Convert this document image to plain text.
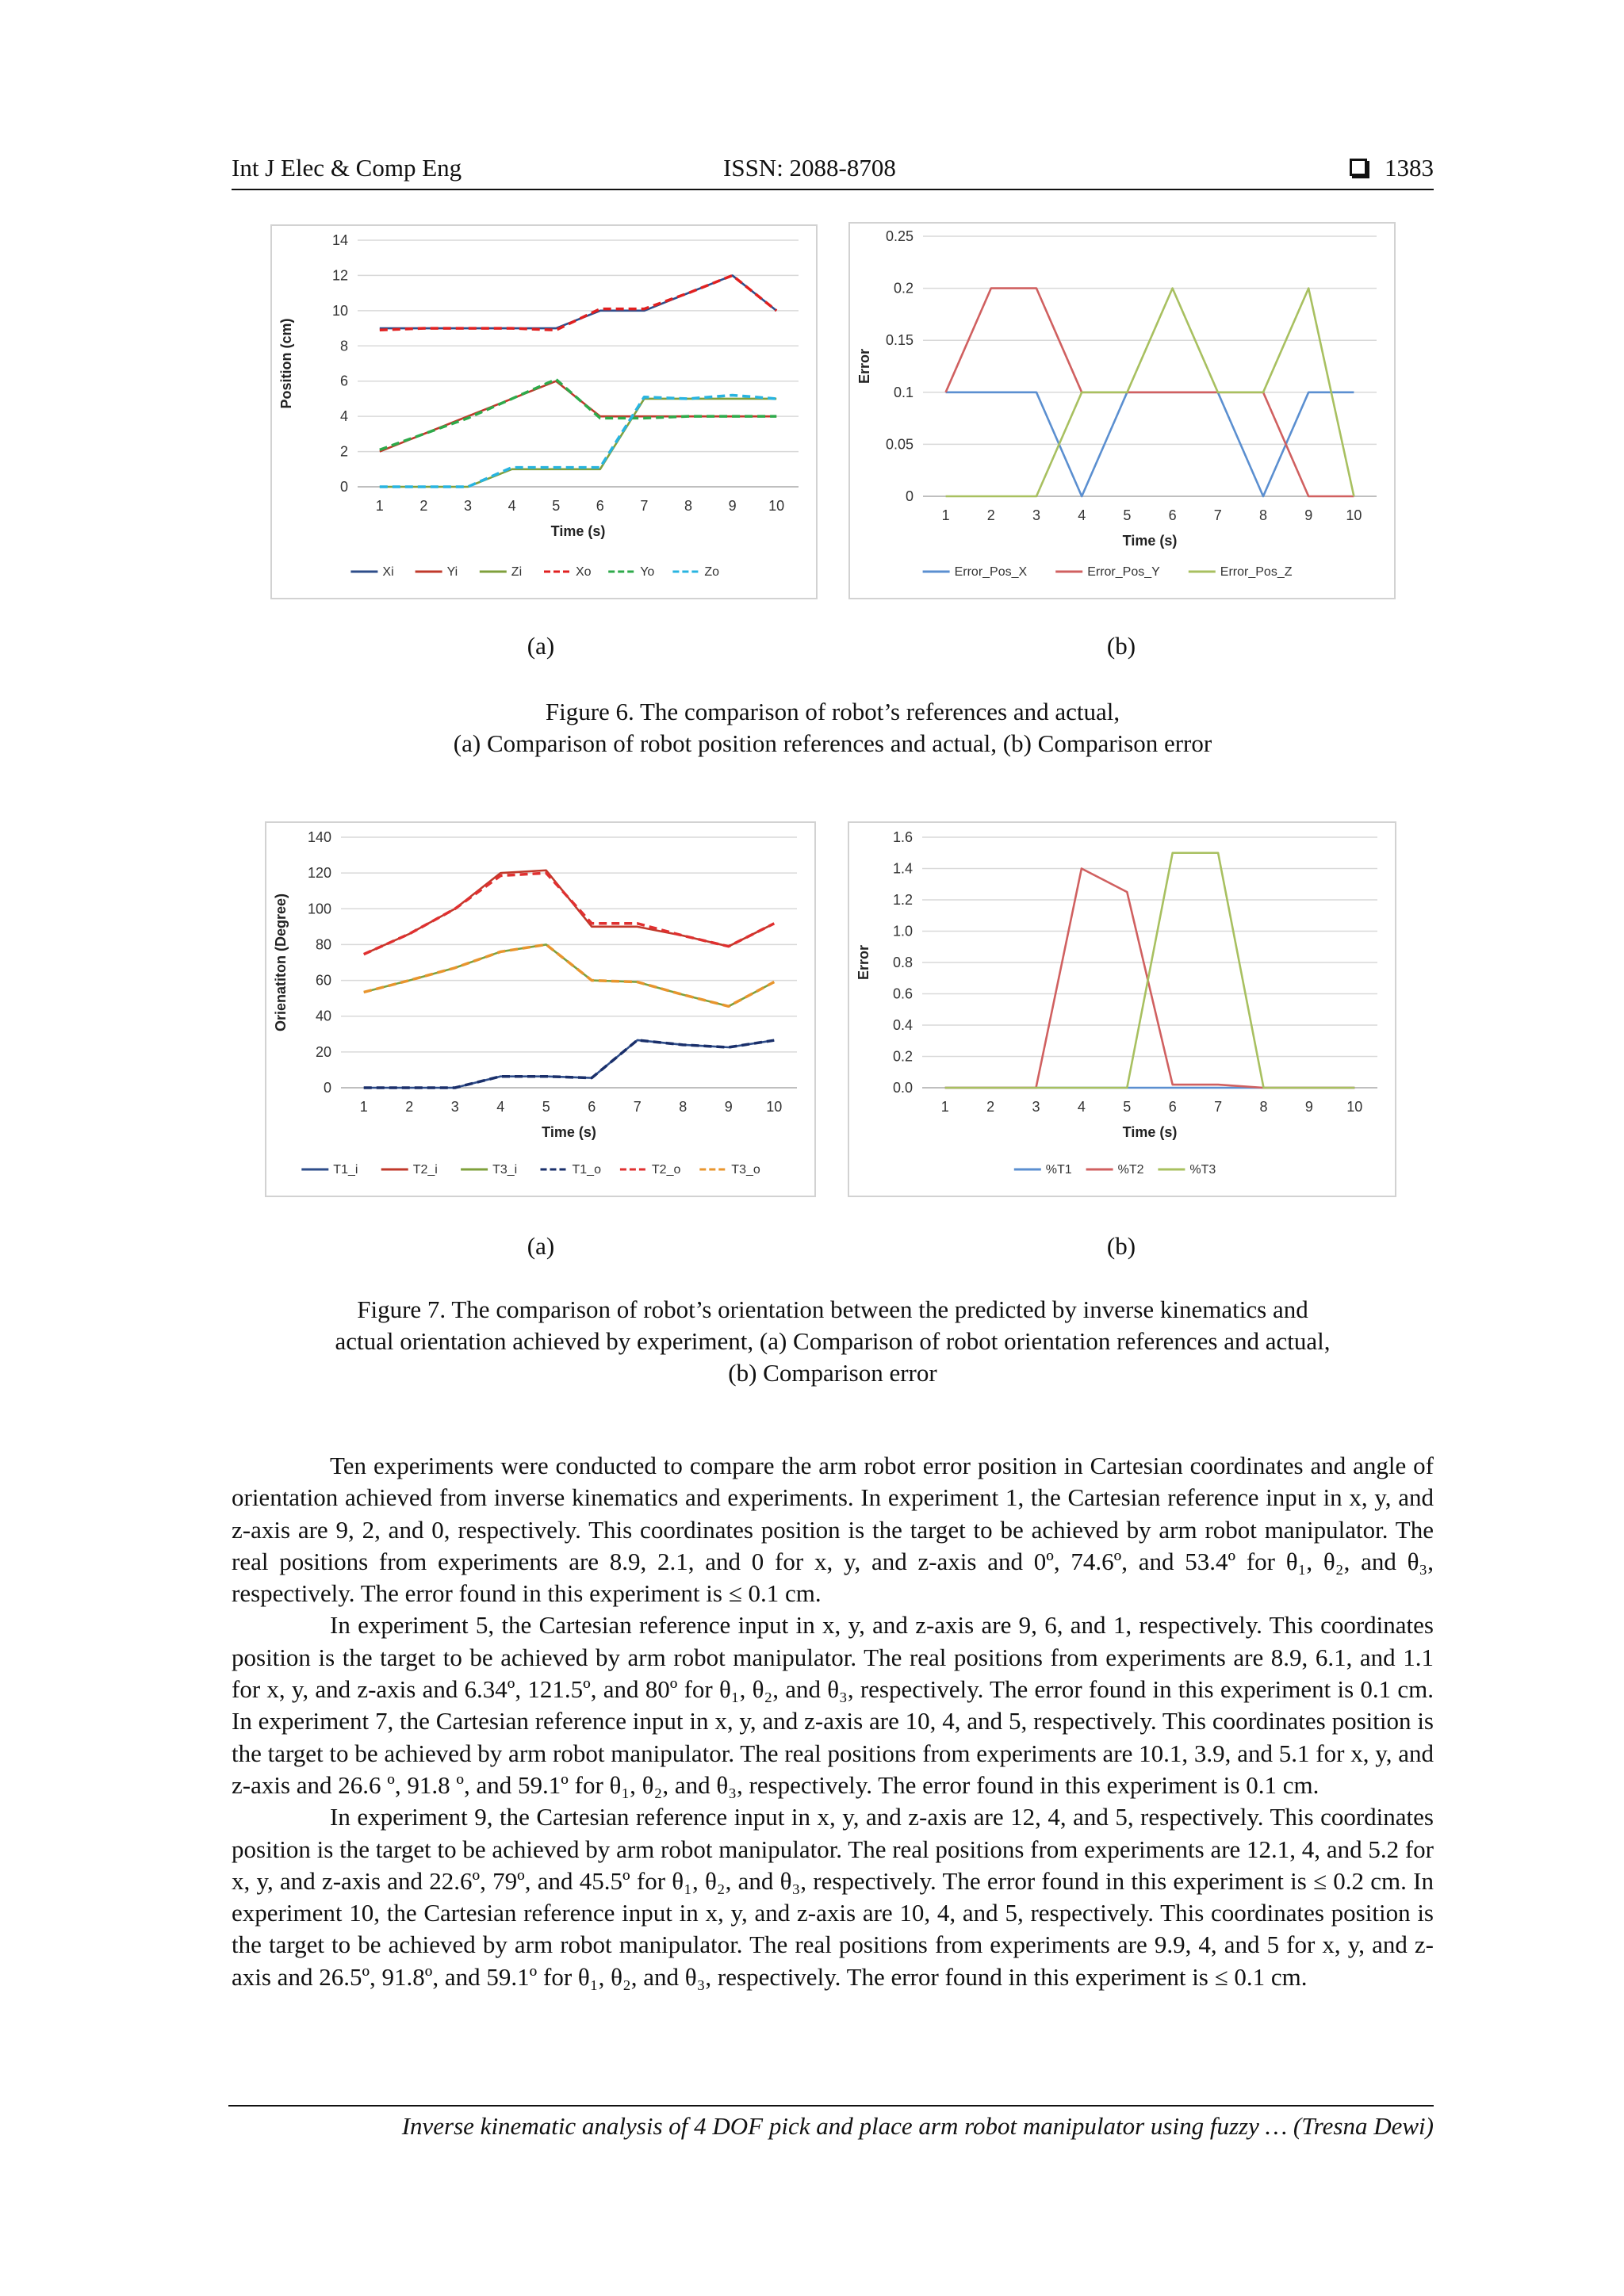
Int J Elec & Comp Eng	ISSN: 2088-8708	1383
0
2
4
6
8
10
12
14
1	2	3	4	5	6	7	8	9 10
Time (s)
Position (cm)
Xi	Yi	Zi	Xo	Yo	Zo
0
0.05
0.1
0.15
0.2
0.25
1	2	3	4	5	6	7	8	9 10
Time (s)
Error
Error_Pos_X	Error_Pos_Y	Error_Pos_Z
(a)	(b)
Figure 6. The comparison of robot’s references and actual,
(a) Comparison of robot position references and actual, (b) Comparison error
0
20
40
60
80
100
120
140
1	2	3	4	5	6	7	8	9 10
Time (s)
Orienatiton (Degree)
T1_i	T2_i	T3_i	T1_o	T2_o	T3_o
0.0
0.2
0.4
0.6
0.8
1.0
1.2
1.4
1.6
1	2	3	4	5	6	7	8	9 10
Time (s)
Error
%T1	%T2	%T3
(a)	(b)
Figure 7. The comparison of robot’s orientation between the predicted by inverse kinematics and
actual orientation achieved by experiment, (a) Comparison of robot orientation references and actual,
(b) Comparison error

Ten experiments were conducted to compare the arm robot error position in Cartesian coordinates and angle of orientation achieved from inverse kinematics and experiments. In experiment 1, the Cartesian reference input in x, y, and z-axis are 9, 2, and 0, respectively. This coordinates position is the target to be achieved by arm robot manipulator. The real positions from experiments are 8.9, 2.1, and 0 for x, y, and z-axis and 0º, 74.6º, and 53.4º for θ₁, θ₂, and θ₃, respectively. The error found in this experiment is ≤ 0.1 cm.

In experiment 5, the Cartesian reference input in x, y, and z-axis are 9, 6, and 1, respectively. This coordinates position is the target to be achieved by arm robot manipulator. The real positions from experiments are 8.9, 6.1, and 1.1 for x, y, and z-axis and 6.34º, 121.5º, and 80º for θ₁, θ₂, and θ₃, respectively. The error found in this experiment is 0.1 cm. In experiment 7, the Cartesian reference input in x, y, and z-axis are 10, 4, and 5, respectively. This coordinates position is the target to be achieved by arm robot manipulator. The real positions from experiments are 10.1, 3.9, and 5.1 for x, y, and z-axis and 26.6 º, 91.8 º, and 59.1º for θ₁, θ₂, and θ₃, respectively. The error found in this experiment is 0.1 cm.

In experiment 9, the Cartesian reference input in x, y, and z-axis are 12, 4, and 5, respectively. This coordinates position is the target to be achieved by arm robot manipulator. The real positions from experiments are 12.1, 4, and 5.2 for x, y, and z-axis and 22.6º, 79º, and 45.5º for θ₁, θ₂, and θ₃, respectively. The error found in this experiment is ≤ 0.2 cm. In experiment 10, the Cartesian reference input in x, y, and z-axis are 10, 4, and 5, respectively. This coordinates position is the target to be achieved by arm robot manipulator. The real positions from experiments are 9.9, 4, and 5 for x, y, and z-axis and 26.5º, 91.8º, and 59.1º for θ₁, θ₂, and θ₃, respectively. The error found in this experiment is ≤ 0.1 cm.

Inverse kinematic analysis of 4 DOF pick and place arm robot manipulator using fuzzy … (Tresna Dewi)
